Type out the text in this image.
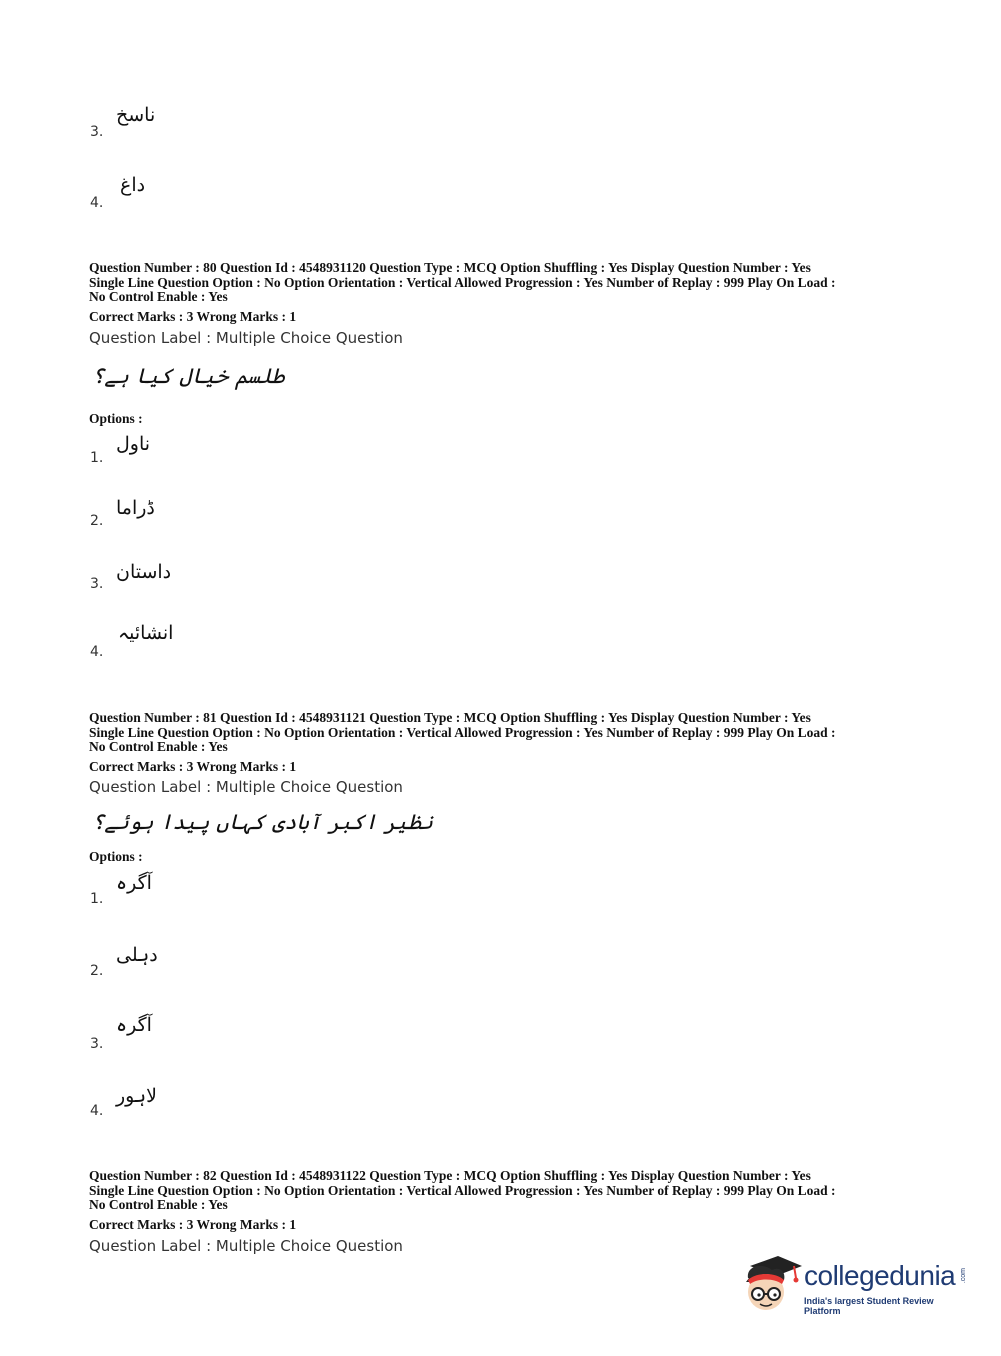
3.
ناسخ
4.
داغ
Question Number : 80 Question Id : 4548931120 Question Type : MCQ Option Shuffling : Yes Display Question Number : Yes
Single Line Question Option : No Option Orientation : Vertical Allowed Progression : Yes Number of Replay : 999 Play On Load :
No Control Enable : Yes
Correct Marks : 3 Wrong Marks : 1
Question Label : Multiple Choice Question
طلسم خیال کیا ہے؟
Options :
1.
ناول
2.
ڈراما
3.
داستان
4.
انشائیہ
Question Number : 81 Question Id : 4548931121 Question Type : MCQ Option Shuffling : Yes Display Question Number : Yes
Single Line Question Option : No Option Orientation : Vertical Allowed Progression : Yes Number of Replay : 999 Play On Load :
No Control Enable : Yes
Correct Marks : 3 Wrong Marks : 1
Question Label : Multiple Choice Question
نظیر اکبر آبادی کہاں پیدا ہوئے؟
Options :
1.
آگرہ
2.
دہلی
3.
آگرہ
4.
لاہور
Question Number : 82 Question Id : 4548931122 Question Type : MCQ Option Shuffling : Yes Display Question Number : Yes
Single Line Question Option : No Option Orientation : Vertical Allowed Progression : Yes Number of Replay : 999 Play On Load :
No Control Enable : Yes
Correct Marks : 3 Wrong Marks : 1
Question Label : Multiple Choice Question
collegedunia .com
India's largest Student Review Platform
